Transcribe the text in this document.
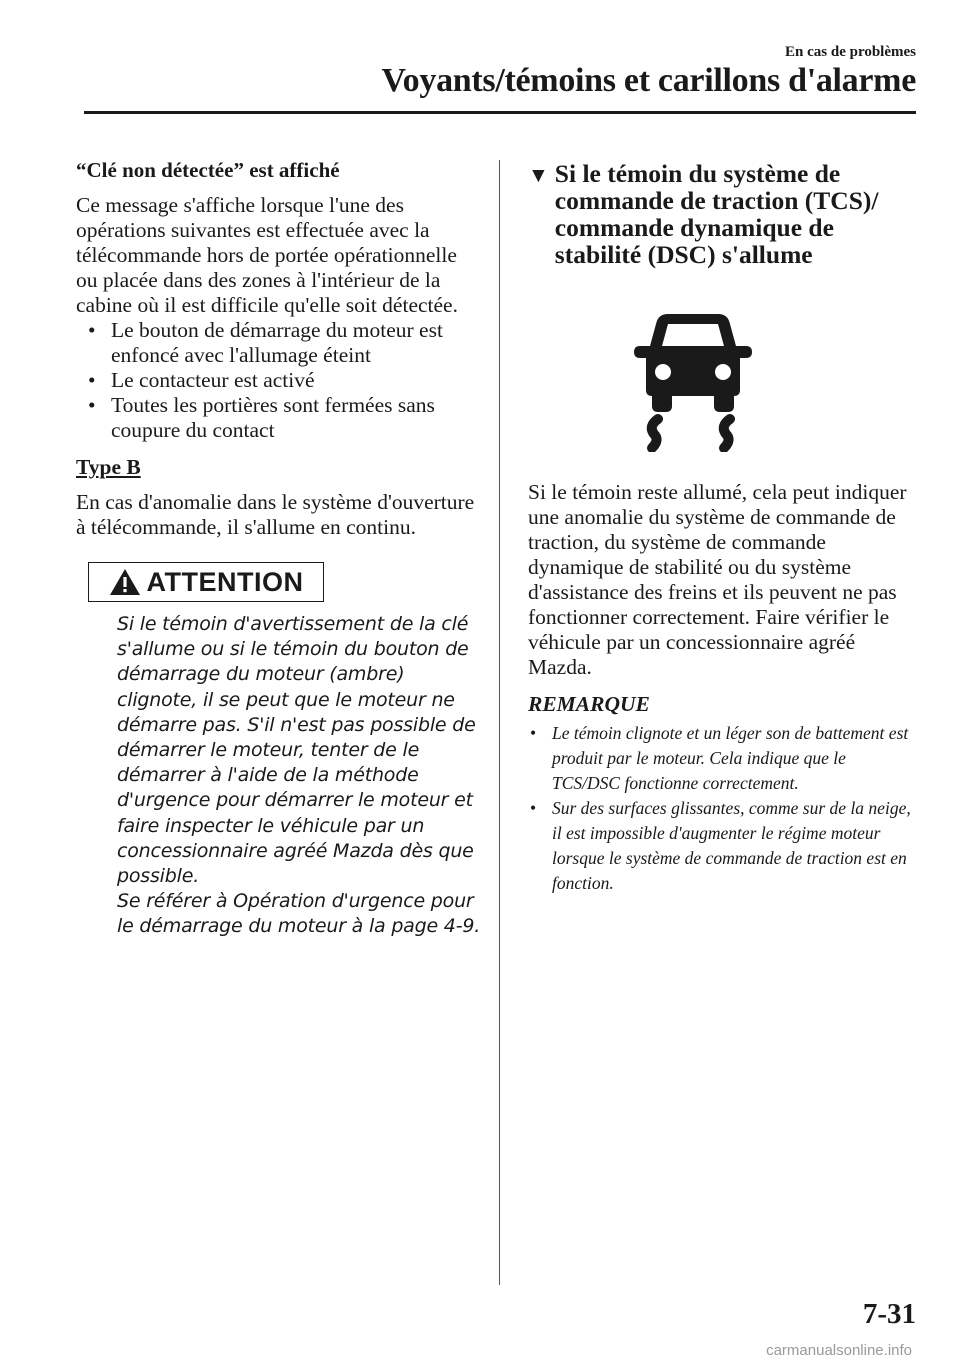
En cas de problèmes
Voyants/témoins et carillons d'alarme

“Clé non détectée” est affiché

Ce message s'affiche lorsque l'une des opérations suivantes est effectuée avec la télécommande hors de portée opérationnelle ou placée dans des zones à l'intérieur de la cabine où il est difficile qu'elle soit détectée.

• Le bouton de démarrage du moteur est enfoncé avec l'allumage éteint
• Le contacteur est activé
• Toutes les portières sont fermées sans coupure du contact

Type B

En cas d'anomalie dans le système d'ouverture à télécommande, il s'allume en continu.

ATTENTION
Si le témoin d'avertissement de la clé s'allume ou si le témoin du bouton de démarrage du moteur (ambre) clignote, il se peut que le moteur ne démarre pas. S'il n'est pas possible de démarrer le moteur, tenter de le démarrer à l'aide de la méthode d'urgence pour démarrer le moteur et faire inspecter le véhicule par un concessionnaire agréé Mazda dès que possible.
Se référer à Opération d'urgence pour le démarrage du moteur à la page 4-9.
▼ Si le témoin du système de commande de traction (TCS)/ commande dynamique de stabilité (DSC) s'allume

Si le témoin reste allumé, cela peut indiquer une anomalie du système de commande de traction, du système de commande dynamique de stabilité ou du système d'assistance des freins et ils peuvent ne pas fonctionner correctement. Faire vérifier le véhicule par un concessionnaire agréé Mazda.

REMARQUE

• Le témoin clignote et un léger son de battement est produit par le moteur. Cela indique que le TCS/DSC fonctionne correctement.
• Sur des surfaces glissantes, comme sur de la neige, il est impossible d'augmenter le régime moteur lorsque le système de commande de traction est en fonction.
7-31
carmanualsonline.info
